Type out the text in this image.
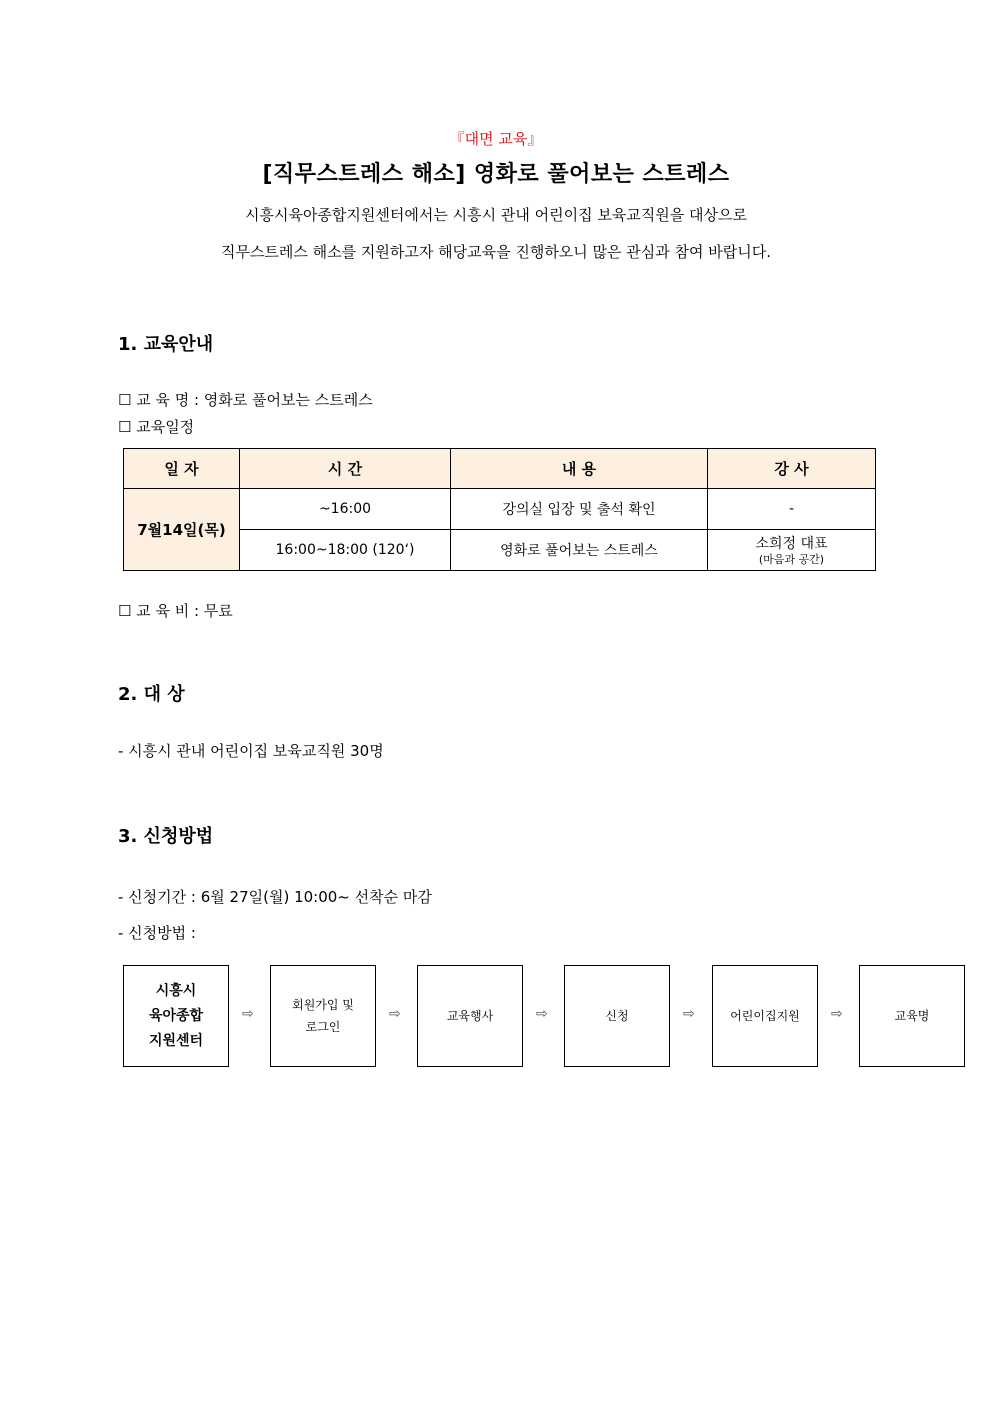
『대면 교육』
[직무스트레스 해소] 영화로 풀어보는 스트레스
시흥시육아종합지원센터에서는 시흥시 관내 어린이집 보육교직원을 대상으로
직무스트레스 해소를 지원하고자 해당교육을 진행하오니 많은 관심과 참여 바랍니다.
1. 교육안내
☐ 교 육 명 : 영화로 풀어보는 스트레스
☐ 교육일정
일 자	시 간	내 용	강 사
7월14일(목)	~16:00	강의실 입장 및 출석 확인	-
	16:00~18:00 (120‘)	영화로 풀어보는 스트레스	소희정 대표
(마음과 공간)
☐ 교 육 비 : 무료
2. 대 상
- 시흥시 관내 어린이집 보육교직원 30명
3. 신청방법
- 신청기간 : 6월 27일(월) 10:00~ 선착순 마감
- 신청방법 :
시흥시
육아종합
지원센터
⇨
회원가입 및
로그인
⇨	교육행사	⇨	신청	⇨	어린이집지원 ⇨	교육명
